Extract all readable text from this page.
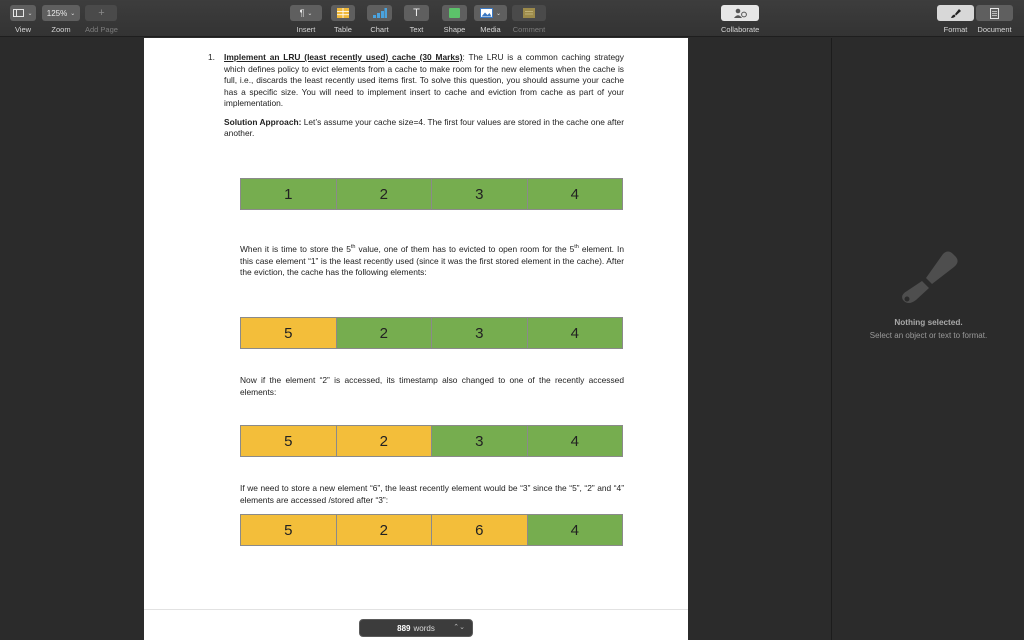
⌄
View
125% ⌄
Zoom
+
Add Page
¶ ⌄
Insert Table Chart
T
Text	Shape
⌄
Media Comment	Collaborate	Format Document
1. Implement an LRU (least recently used) cache (30 Marks): The LRU is a common caching strategy which defines policy to evict elements from a cache to make room for the new elements when the cache is full, i.e., discards the least recently used items first. To solve this question, you should assume your cache has a specific size. You will need to implement insert to cache and eviction from cache as part of your implementation.

Solution Approach: Let’s assume your cache size=4. The first four values are stored in the cache one after another.

1	2	3	4

When it is time to store the 5th value, one of them has to evicted to open room for the 5th element. In this case element “1” is the least recently used (since it was the first stored element in the cache). After the eviction, the cache has the following elements:

5	2	3	4

Now if the element “2” is accessed, its timestamp also changed to one of the recently accessed elements:

5	2	3	4

If we need to store a new element “6”, the least recently element would be “3” since the “5”, “2” and “4” elements are accessed /stored after “3”:

5	2	6	4
889 words	⌃⌄
Nothing selected.
Select an object or text to format.
